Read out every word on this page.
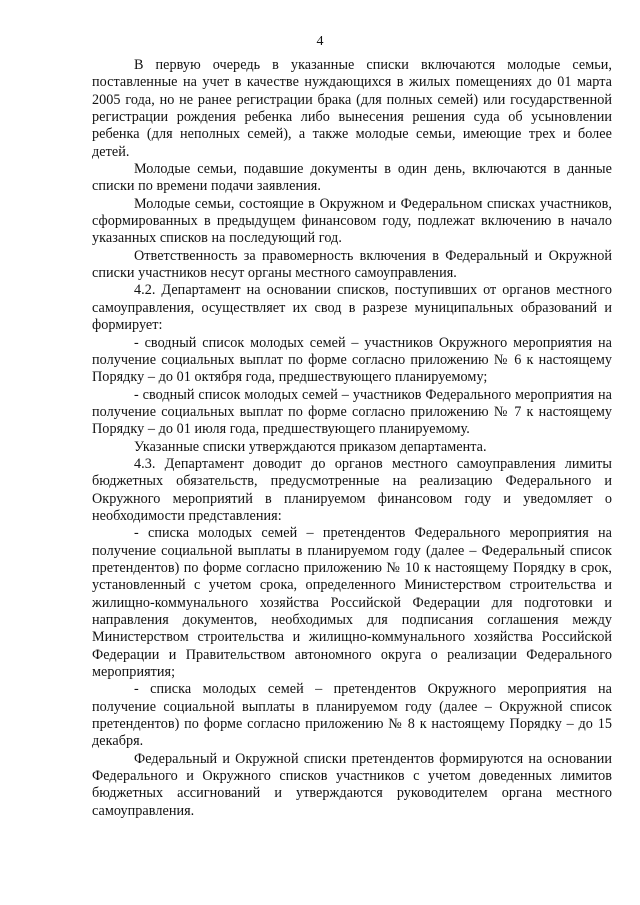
4

В первую очередь в указанные списки включаются молодые семьи, поставленные на учет в качестве нуждающихся в жилых помещениях до 01 марта 2005 года, но не ранее регистрации брака (для полных семей) или государственной регистрации рождения ребенка либо вынесения решения суда об усыновлении ребенка (для неполных семей), а также молодые семьи, имеющие трех и более детей.

Молодые семьи, подавшие документы в один день, включаются в данные списки по времени подачи заявления.

Молодые семьи, состоящие в Окружном и Федеральном списках участников, сформированных в предыдущем финансовом году, подлежат включению в начало указанных списков на последующий год.

Ответственность за правомерность включения в Федеральный и Окружной списки участников несут органы местного самоуправления.

4.2. Департамент на основании списков, поступивших от органов местного самоуправления, осуществляет их свод в разрезе муниципальных образований и формирует:

- сводный список молодых семей – участников Окружного мероприятия на получение социальных выплат по форме согласно приложению № 6 к настоящему Порядку – до 01 октября года, предшествующего планируемому;

- сводный список молодых семей – участников Федерального мероприятия на получение социальных выплат по форме согласно приложению № 7 к настоящему Порядку – до 01 июля года, предшествующего планируемому.

Указанные списки утверждаются приказом департамента.

4.3. Департамент доводит до органов местного самоуправления лимиты бюджетных обязательств, предусмотренные на реализацию Федерального и Окружного мероприятий в планируемом финансовом году и уведомляет о необходимости представления:

- списка молодых семей – претендентов Федерального мероприятия на получение социальной выплаты в планируемом году (далее – Федеральный список претендентов) по форме согласно приложению № 10 к настоящему Порядку в срок, установленный с учетом срока, определенного Министерством строительства и жилищно-коммунального хозяйства Российской Федерации для подготовки и направления документов, необходимых для подписания соглашения между Министерством строительства и жилищно-коммунального хозяйства Российской Федерации и Правительством автономного округа о реализации Федерального мероприятия;

- списка молодых семей – претендентов Окружного мероприятия на получение социальной выплаты в планируемом году (далее – Окружной список претендентов) по форме согласно приложению № 8 к настоящему Порядку – до 15 декабря.

Федеральный и Окружной списки претендентов формируются на основании Федерального и Окружного списков участников с учетом доведенных лимитов бюджетных ассигнований и утверждаются руководителем органа местного самоуправления.
